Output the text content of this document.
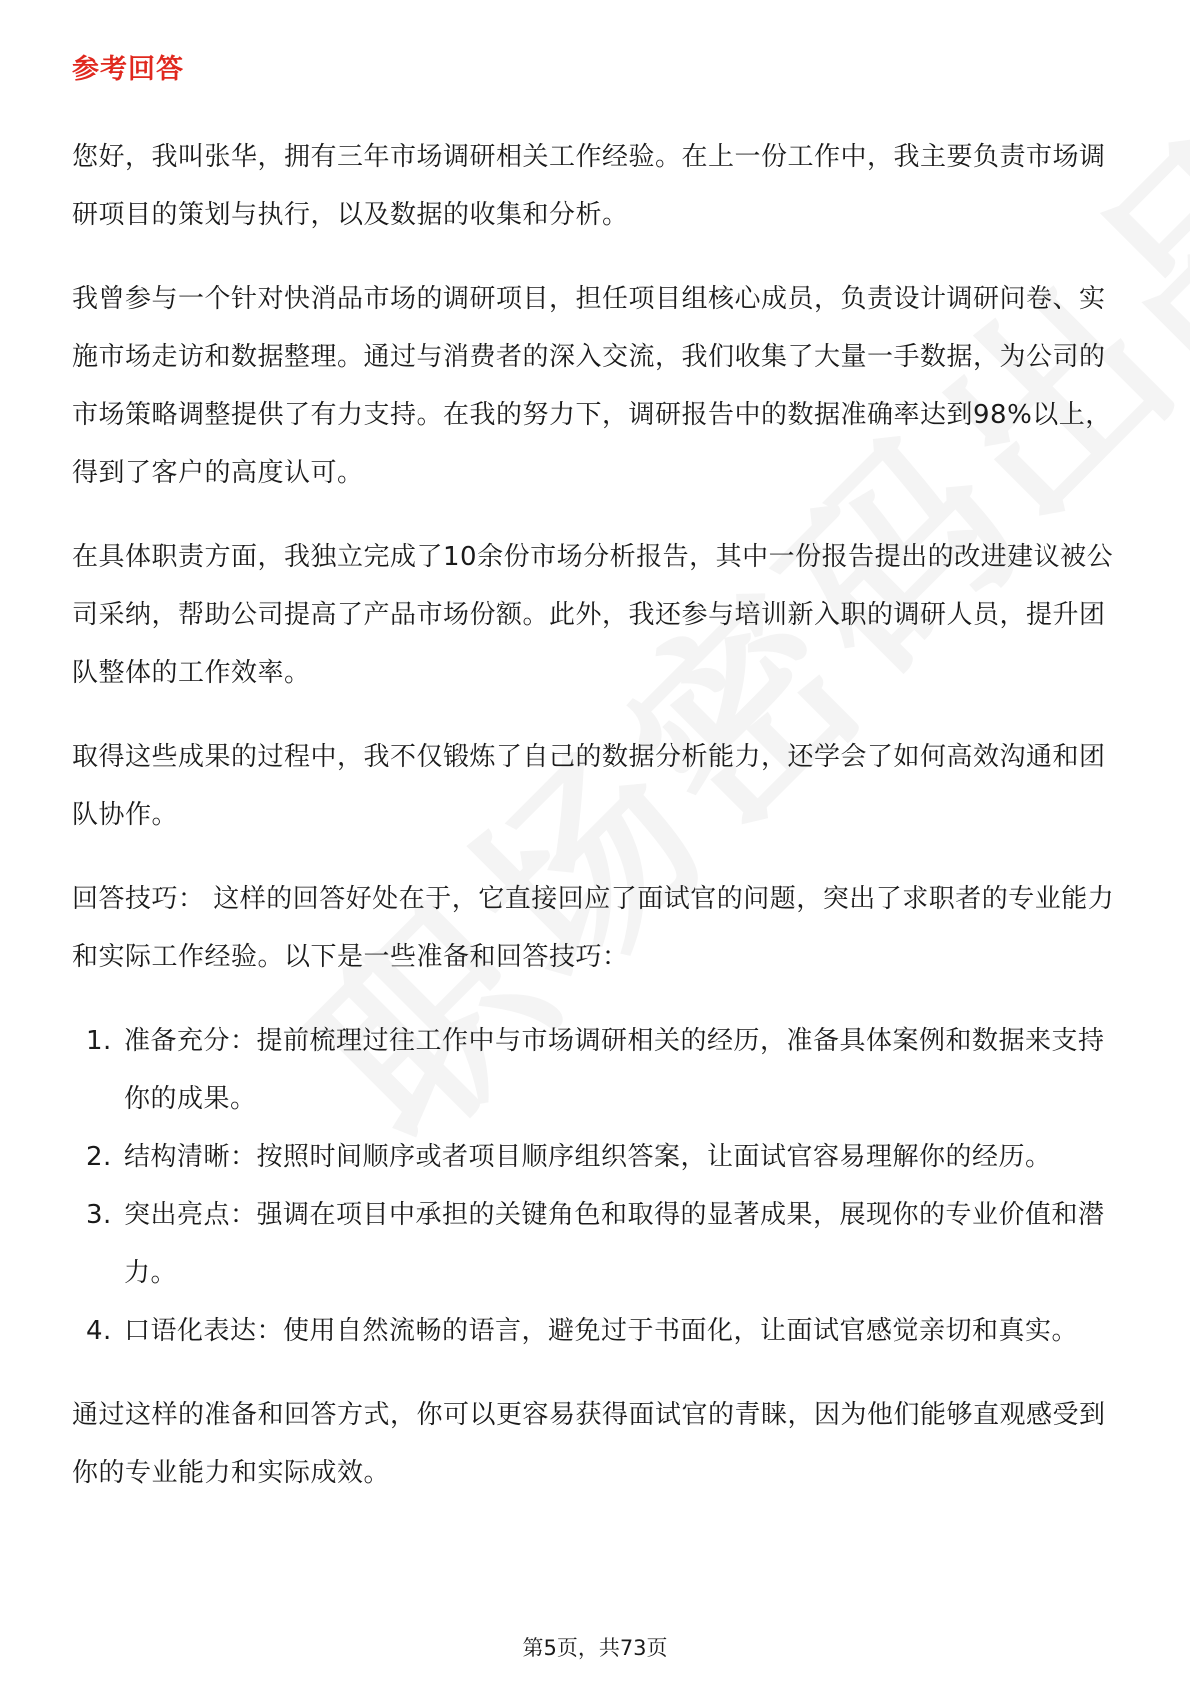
参考回答

您好，我叫张华，拥有三年市场调研相关工作经验。在上一份工作中，我主要负责市场调研项目的策划与执行，以及数据的收集和分析。

我曾参与一个针对快消品市场的调研项目，担任项目组核心成员，负责设计调研问卷、实施市场走访和数据整理。通过与消费者的深入交流，我们收集了大量一手数据，为公司的市场策略调整提供了有力支持。在我的努力下，调研报告中的数据准确率达到98%以上，得到了客户的高度认可。

在具体职责方面，我独立完成了10余份市场分析报告，其中一份报告提出的改进建议被公司采纳，帮助公司提高了产品市场份额。此外，我还参与培训新入职的调研人员，提升团队整体的工作效率。

取得这些成果的过程中，我不仅锻炼了自己的数据分析能力，还学会了如何高效沟通和团队协作。

回答技巧： 这样的回答好处在于，它直接回应了面试官的问题，突出了求职者的专业能力和实际工作经验。以下是一些准备和回答技巧：

1. 准备充分：提前梳理过往工作中与市场调研相关的经历，准备具体案例和数据来支持你的成果。
2. 结构清晰：按照时间顺序或者项目顺序组织答案，让面试官容易理解你的经历。
3. 突出亮点：强调在项目中承担的关键角色和取得的显著成果，展现你的专业价值和潜力。
4. 口语化表达：使用自然流畅的语言，避免过于书面化，让面试官感觉亲切和真实。

通过这样的准备和回答方式，你可以更容易获得面试官的青睐，因为他们能够直观感受到你的专业能力和实际成效。

第5页，共73页
